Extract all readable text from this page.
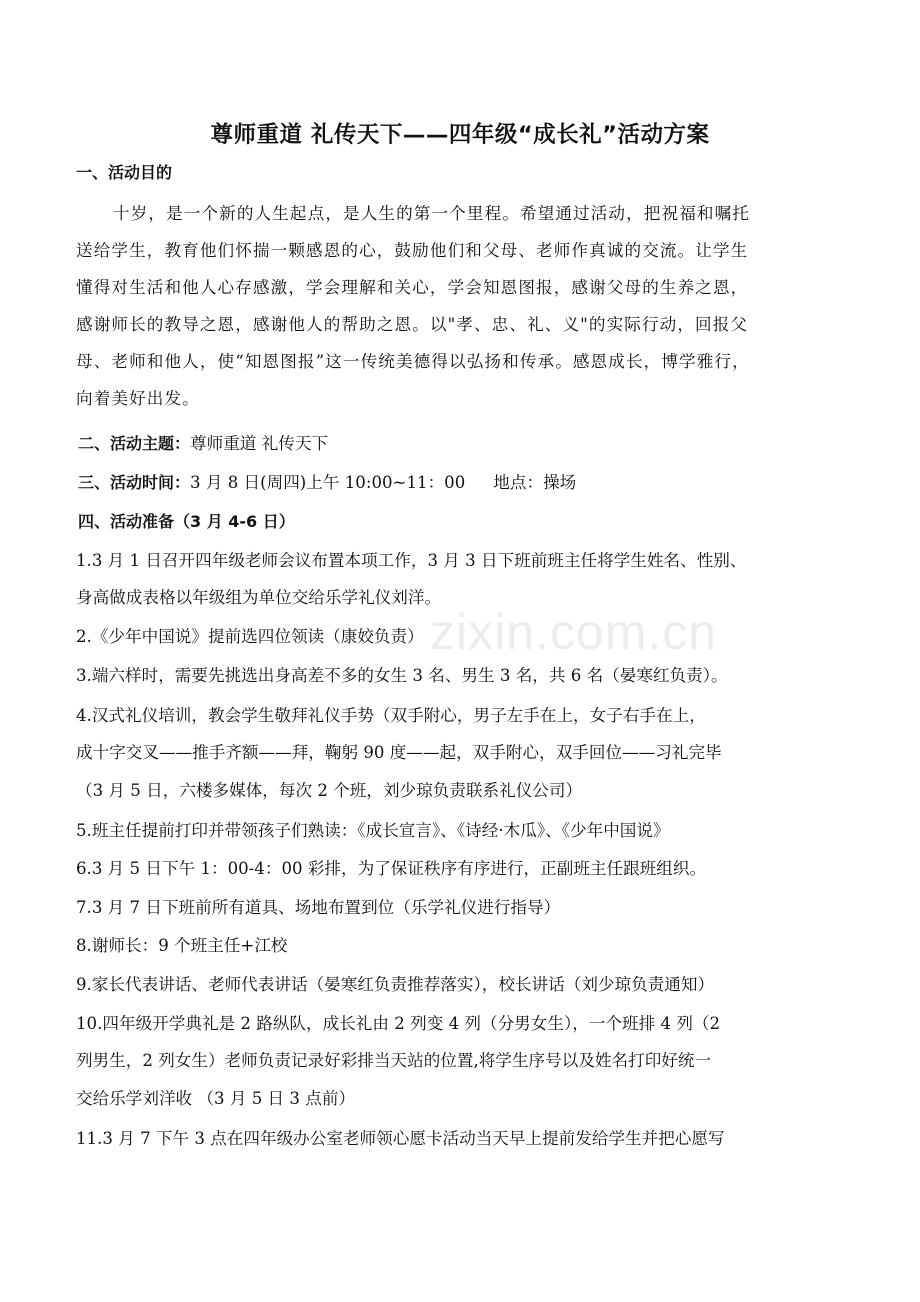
尊师重道 礼传天下——四年级“成长礼”活动方案
一、活动目的
十岁，是一个新的人生起点，是人生的第一个里程。希望通过活动，把祝福和嘱托
送给学生，教育他们怀揣一颗感恩的心，鼓励他们和父母、老师作真诚的交流。让学生
懂得对生活和他人心存感激，学会理解和关心，学会知恩图报，感谢父母的生养之恩，
感谢师长的教导之恩，感谢他人的帮助之恩。以"孝、忠、礼、义"的实际行动，回报父
母、老师和他人，使“知恩图报”这一传统美德得以弘扬和传承。感恩成长，博学雅行，
向着美好出发。
二、活动主题：尊师重道 礼传天下
三、活动时间：3 月 8 日(周四)上午 10:00~11：00 地点：操场
四、活动准备（3 月 4-6 日）
1.3 月 1 日召开四年级老师会议布置本项工作，3 月 3 日下班前班主任将学生姓名、性别、
身高做成表格以年级组为单位交给乐学礼仪刘洋。
2.《少年中国说》提前选四位领读（康姣负责）
3.端六样时，需要先挑选出身高差不多的女生 3 名、男生 3 名，共 6 名（晏寒红负责）。
4.汉式礼仪培训，教会学生敬拜礼仪手势（双手附心，男子左手在上，女子右手在上，
成十字交叉——推手齐额——拜，鞠躬 90 度——起，双手附心，双手回位——习礼完毕
（3 月 5 日，六楼多媒体，每次 2 个班，刘少琼负责联系礼仪公司）
5.班主任提前打印并带领孩子们熟读：《成长宣言》、《诗经·木瓜》、《少年中国说》
6.3 月 5 日下午 1：00-4：00 彩排，为了保证秩序有序进行，正副班主任跟班组织。
7.3 月 7 日下班前所有道具、场地布置到位（乐学礼仪进行指导）
8.谢师长：9 个班主任+江校
9.家长代表讲话、老师代表讲话（晏寒红负责推荐落实），校长讲话（刘少琼负责通知）
10.四年级开学典礼是 2 路纵队，成长礼由 2 列变 4 列（分男女生），一个班排 4 列（2
列男生，2 列女生）老师负责记录好彩排当天站的位置,将学生序号以及姓名打印好统一
交给乐学刘洋收 （3 月 5 日 3 点前）
11.3 月 7 下午 3 点在四年级办公室老师领心愿卡活动当天早上提前发给学生并把心愿写
zixin.com.cn
